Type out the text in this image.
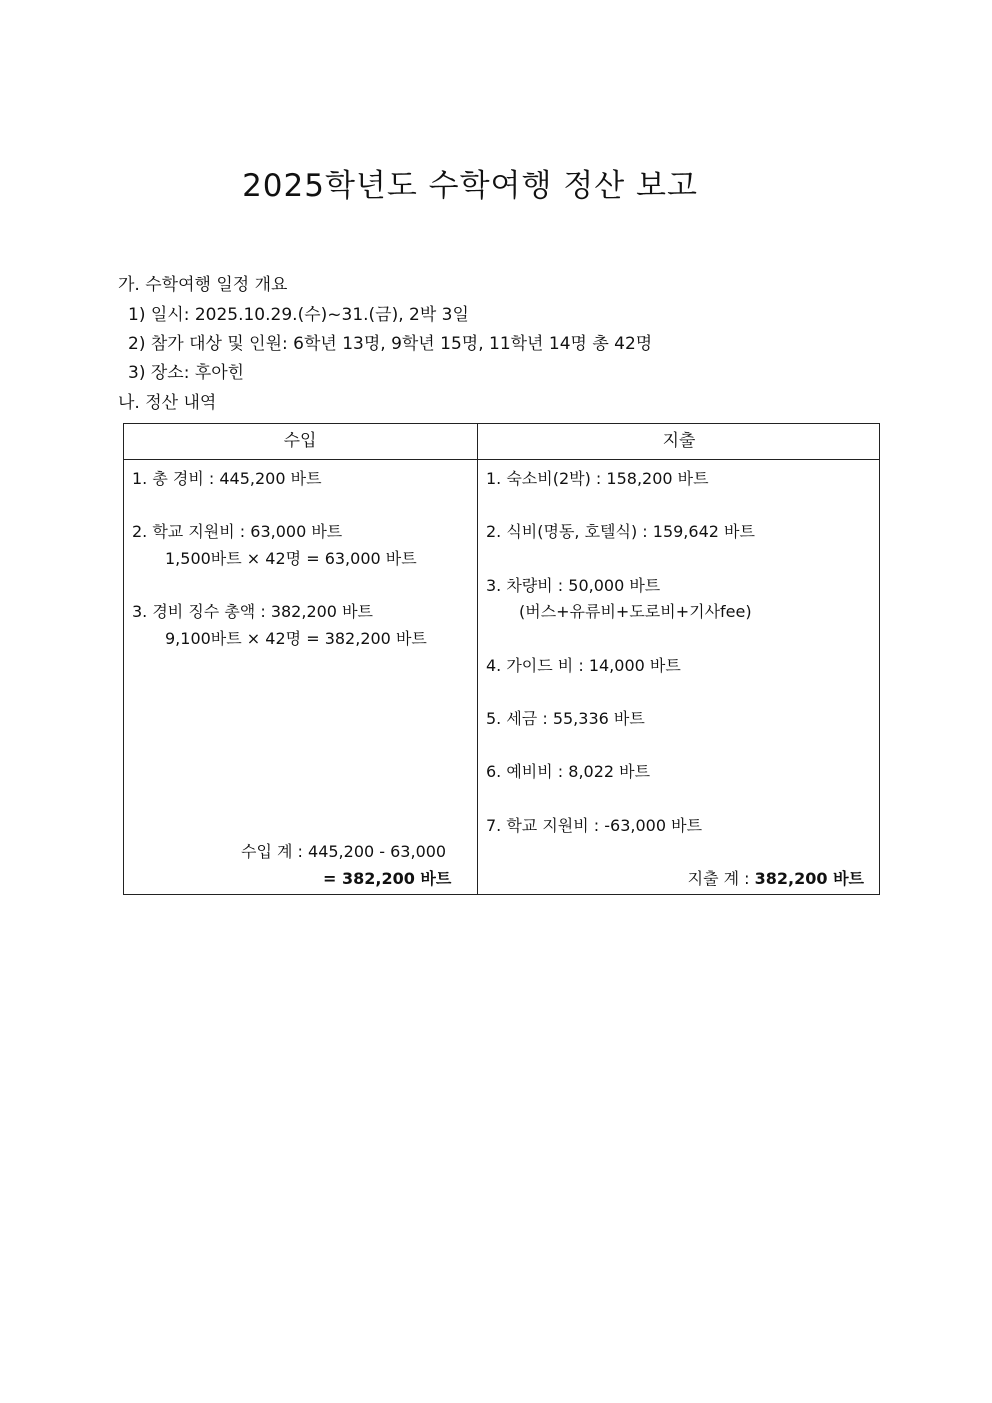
2025학년도 수학여행 정산 보고
가. 수학여행 일정 개요
1) 일시: 2025.10.29.(수)~31.(금), 2박 3일
2) 참가 대상 및 인원: 6학년 13명, 9학년 15명, 11학년 14명 총 42명
3) 장소: 후아힌
나. 정산 내역
수입	지출
1. 총 경비 : 445,200 바트
2. 학교 지원비 : 63,000 바트
1,500바트 × 42명 = 63,000 바트
3. 경비 징수 총액 : 382,200 바트
9,100바트 × 42명 = 382,200 바트
수입 계 : 445,200 - 63,000
= 382,200 바트
1. 숙소비(2박) : 158,200 바트
2. 식비(명동, 호텔식) : 159,642 바트
3. 차량비 : 50,000 바트
(버스+유류비+도로비+기사fee)
4. 가이드 비 : 14,000 바트
5. 세금 : 55,336 바트
6. 예비비 : 8,022 바트
7. 학교 지원비 : -63,000 바트
지출 계 : 382,200 바트
